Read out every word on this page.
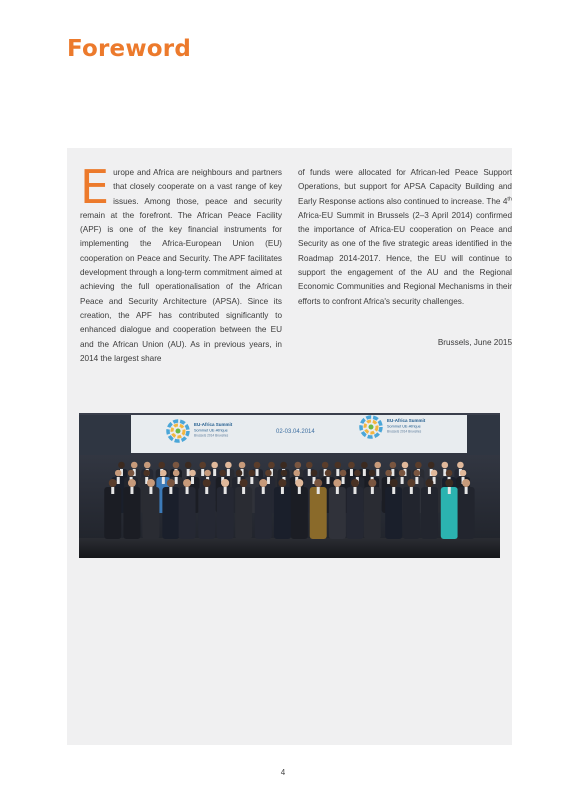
Foreword

Europe and Africa are neighbours and partners that closely cooperate on a vast range of key issues. Among those, peace and security remain at the forefront. The African Peace Facility (APF) is one of the key financial instruments for implementing the Africa-European Union (EU) cooperation on Peace and Security. The APF facilitates development through a long-term commitment aimed at achieving the full operationalisation of the African Peace and Security Architecture (APSA). Since its creation, the APF has contributed significantly to enhanced dialogue and cooperation between the EU and the African Union (AU). As in previous years, in 2014 the largest share

of funds were allocated for African-led Peace Support Operations, but support for APSA Capacity Building and Early Response actions also continued to increase. The 4th Africa-EU Summit in Brussels (2–3 April 2014) confirmed the importance of Africa-EU cooperation on Peace and Security as one of the five strategic areas identified in the Roadmap 2014-2017. Hence, the EU will continue to support the engagement of the AU and the Regional Economic Communities and Regional Mechanisms in their efforts to confront Africa's security challenges.

Brussels, June 2015
EU-Africa Summit
Sommet UE-Afrique
Brussels 2014 Bruxelles
02-03.04.2014
EU-Africa Summit
Sommet UE-Afrique
Brussels 2014 Bruxelles
4
